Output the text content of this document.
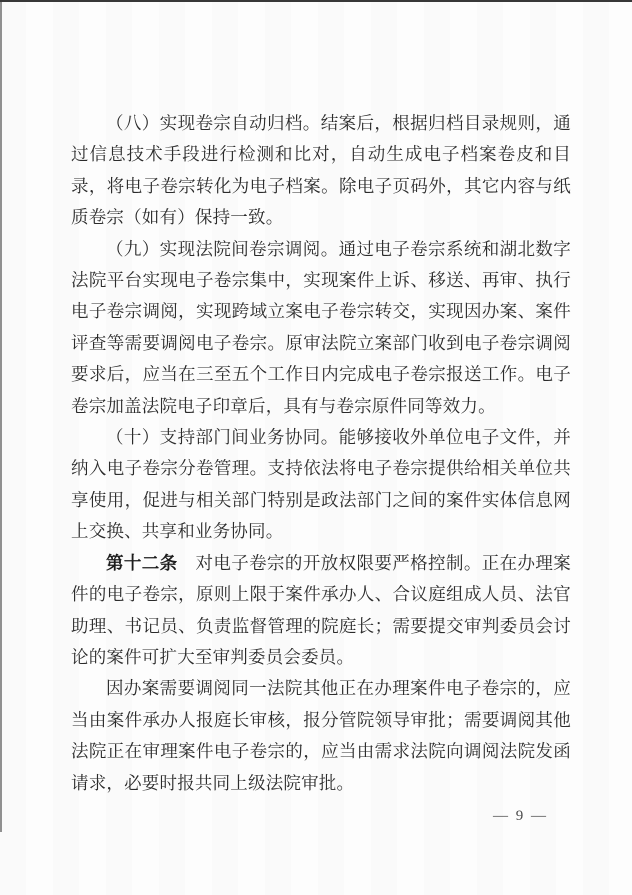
（八）实现卷宗自动归档。结案后，根据归档目录规则，通过信息技术手段进行检测和比对，自动生成电子档案卷皮和目录，将电子卷宗转化为电子档案。除电子页码外，其它内容与纸质卷宗（如有）保持一致。

（九）实现法院间卷宗调阅。通过电子卷宗系统和湖北数字法院平台实现电子卷宗集中，实现案件上诉、移送、再审、执行电子卷宗调阅，实现跨域立案电子卷宗转交，实现因办案、案件评查等需要调阅电子卷宗。原审法院立案部门收到电子卷宗调阅要求后，应当在三至五个工作日内完成电子卷宗报送工作。电子卷宗加盖法院电子印章后，具有与卷宗原件同等效力。

（十）支持部门间业务协同。能够接收外单位电子文件，并纳入电子卷宗分卷管理。支持依法将电子卷宗提供给相关单位共享使用，促进与相关部门特别是政法部门之间的案件实体信息网上交换、共享和业务协同。

第十二条　对电子卷宗的开放权限要严格控制。正在办理案件的电子卷宗，原则上限于案件承办人、合议庭组成人员、法官助理、书记员、负责监督管理的院庭长；需要提交审判委员会讨论的案件可扩大至审判委员会委员。

因办案需要调阅同一法院其他正在办理案件电子卷宗的，应当由案件承办人报庭长审核，报分管院领导审批；需要调阅其他法院正在审理案件电子卷宗的，应当由需求法院向调阅法院发函请求，必要时报共同上级法院审批。

— 9 —
